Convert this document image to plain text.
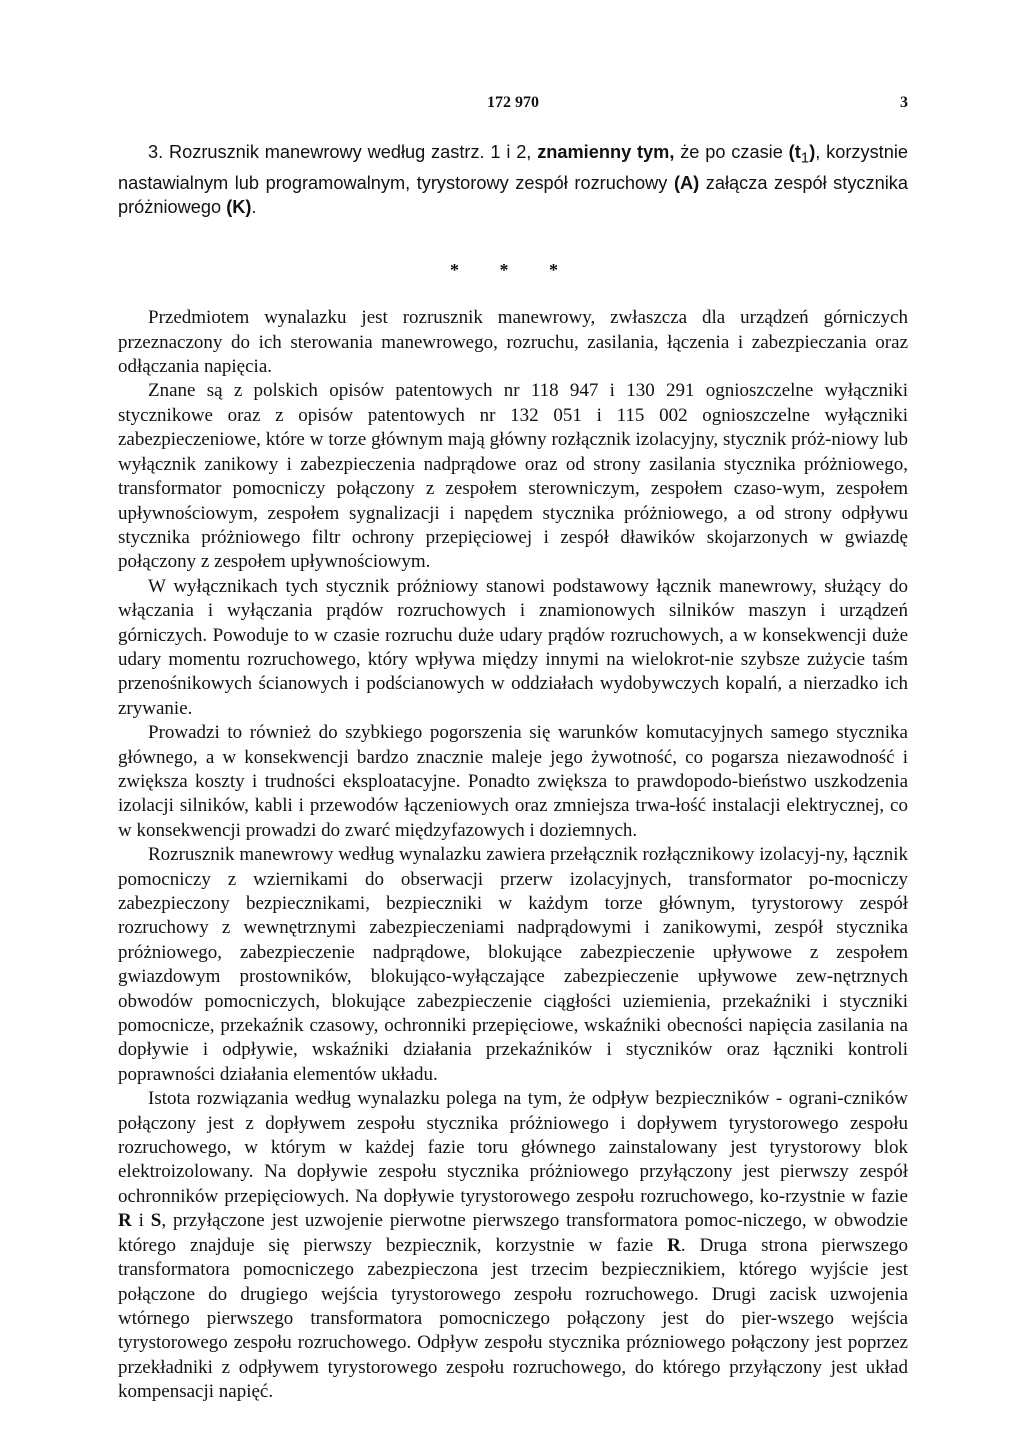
172 970	3
3. Rozrusznik manewrowy według zastrz. 1 i 2, znamienny tym, że po czasie $(t_1)$, korzystnie nastawialnym lub programowalnym, tyrystorowy zespół rozruchowy (A) załącza zespół stycznika próżniowego (K).
* * *

Przedmiotem wynalazku jest rozrusznik manewrowy, zwłaszcza dla urządzeń górniczych przeznaczony do ich sterowania manewrowego, rozruchu, zasilania, łączenia i zabezpieczania oraz odłączania napięcia.

Znane są z polskich opisów patentowych nr 118 947 i 130 291 ognioszczelne wyłączniki stycznikowe oraz z opisów patentowych nr 132 051 i 115 002 ognioszczelne wyłączniki zabezpieczeniowe, które w torze głównym mają główny rozłącznik izolacyjny, stycznik próż-niowy lub wyłącznik zanikowy i zabezpieczenia nadprądowe oraz od strony zasilania stycznika próżniowego, transformator pomocniczy połączony z zespołem sterowniczym, zespołem czaso-wym, zespołem upływnościowym, zespołem sygnalizacji i napędem stycznika próżniowego, a od strony odpływu stycznika próżniowego filtr ochrony przepięciowej i zespół dławików skojarzonych w gwiazdę połączony z zespołem upływnościowym.

W wyłącznikach tych stycznik próżniowy stanowi podstawowy łącznik manewrowy, służący do włączania i wyłączania prądów rozruchowych i znamionowych silników maszyn i urządzeń górniczych. Powoduje to w czasie rozruchu duże udary prądów rozruchowych, a w konsekwencji duże udary momentu rozruchowego, który wpływa między innymi na wielokrot-nie szybsze zużycie taśm przenośnikowych ścianowych i podścianowych w oddziałach wydobywczych kopalń, a nierzadko ich zrywanie.

Prowadzi to również do szybkiego pogorszenia się warunków komutacyjnych samego stycznika głównego, a w konsekwencji bardzo znacznie maleje jego żywotność, co pogarsza niezawodność i zwiększa koszty i trudności eksploatacyjne. Ponadto zwiększa to prawdopodo-bieństwo uszkodzenia izolacji silników, kabli i przewodów łączeniowych oraz zmniejsza trwa-łość instalacji elektrycznej, co w konsekwencji prowadzi do zwarć międzyfazowych i doziemnych.

Rozrusznik manewrowy według wynalazku zawiera przełącznik rozłącznikowy izolacyj-ny, łącznik pomocniczy z wziernikami do obserwacji przerw izolacyjnych, transformator po-mocniczy zabezpieczony bezpiecznikami, bezpieczniki w każdym torze głównym, tyrystorowy zespół rozruchowy z wewnętrznymi zabezpieczeniami nadprądowymi i zanikowymi, zespół stycznika próżniowego, zabezpieczenie nadprądowe, blokujące zabezpieczenie upływowe z zespołem gwiazdowym prostowników, blokująco-wyłączające zabezpieczenie upływowe zew-nętrznych obwodów pomocniczych, blokujące zabezpieczenie ciągłości uziemienia, przekaźniki i styczniki pomocnicze, przekaźnik czasowy, ochronniki przepięciowe, wskaźniki obecności napięcia zasilania na dopływie i odpływie, wskaźniki działania przekaźników i styczników oraz łączniki kontroli poprawności działania elementów układu.

Istota rozwiązania według wynalazku polega na tym, że odpływ bezpieczników - ograni-czników połączony jest z dopływem zespołu stycznika próżniowego i dopływem tyrystorowego zespołu rozruchowego, w którym w każdej fazie toru głównego zainstalowany jest tyrystorowy blok elektroizolowany. Na dopływie zespołu stycznika próżniowego przyłączony jest pierwszy zespół ochronników przepięciowych. Na dopływie tyrystorowego zespołu rozruchowego, ko-rzystnie w fazie R i S, przyłączone jest uzwojenie pierwotne pierwszego transformatora pomoc-niczego, w obwodzie którego znajduje się pierwszy bezpiecznik, korzystnie w fazie R. Druga strona pierwszego transformatora pomocniczego zabezpieczona jest trzecim bezpiecznikiem, którego wyjście jest połączone do drugiego wejścia tyrystorowego zespołu rozruchowego. Drugi zacisk uzwojenia wtórnego pierwszego transformatora pomocniczego połączony jest do pier-wszego wejścia tyrystorowego zespołu rozruchowego. Odpływ zespołu stycznika prózniowego połączony jest poprzez przekładniki z odpływem tyrystorowego zespołu rozruchowego, do którego przyłączony jest układ kompensacji napięć.
